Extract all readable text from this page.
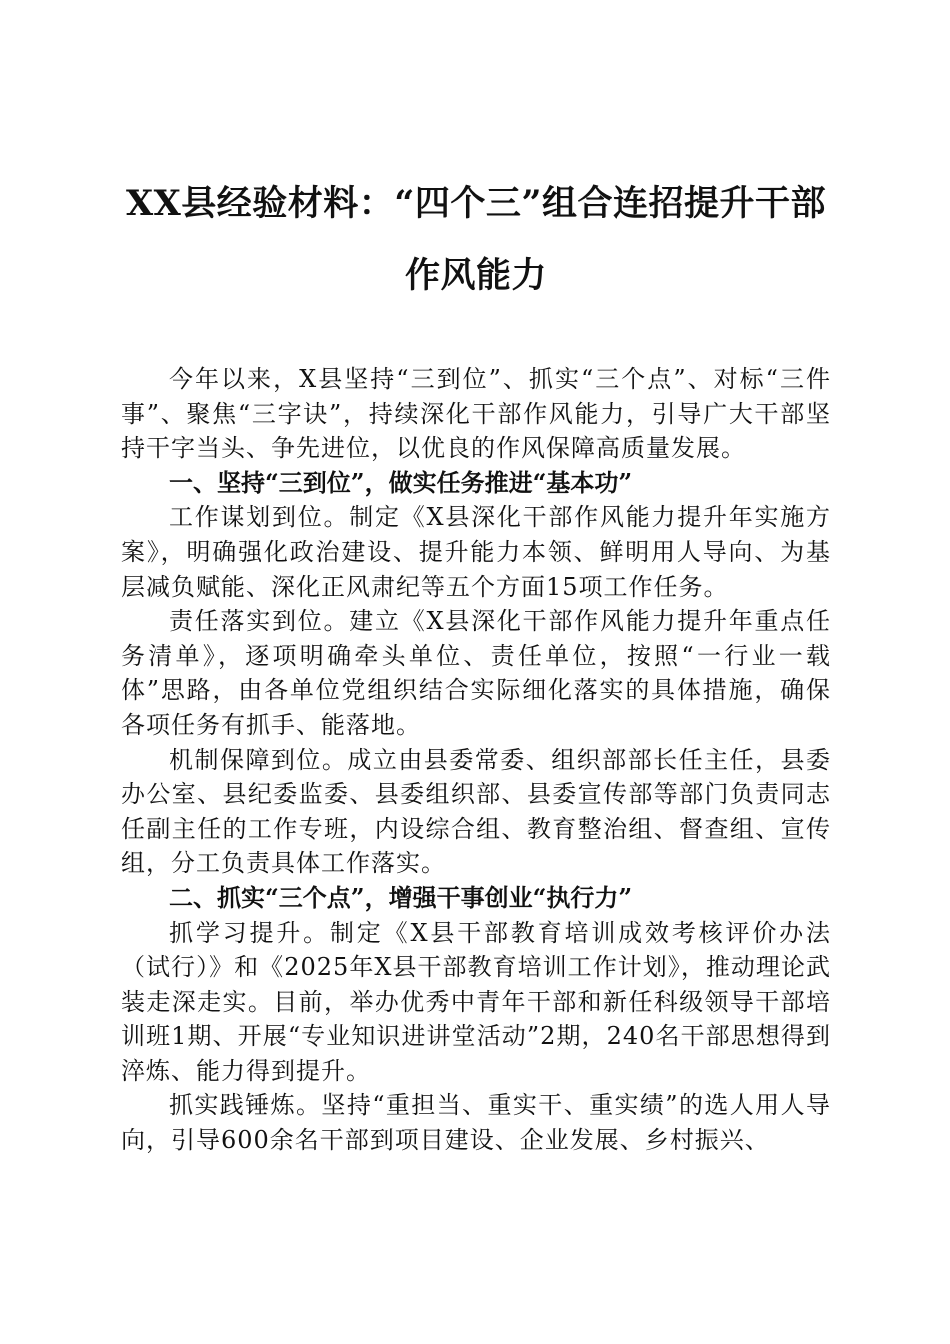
XX县经验材料：“四个三”组合连招提升干部作风能力

今年以来，X县坚持“三到位”、抓实“三个点”、对标“三件事”、聚焦“三字诀”，持续深化干部作风能力，引导广大干部坚持干字当头、争先进位，以优良的作风保障高质量发展。

一、坚持“三到位”，做实任务推进“基本功”

工作谋划到位。制定《X县深化干部作风能力提升年实施方案》，明确强化政治建设、提升能力本领、鲜明用人导向、为基层减负赋能、深化正风肃纪等五个方面15项工作任务。

责任落实到位。建立《X县深化干部作风能力提升年重点任务清单》，逐项明确牵头单位、责任单位，按照“一行业一载体”思路，由各单位党组织结合实际细化落实的具体措施，确保各项任务有抓手、能落地。

机制保障到位。成立由县委常委、组织部部长任主任，县委办公室、县纪委监委、县委组织部、县委宣传部等部门负责同志任副主任的工作专班，内设综合组、教育整治组、督查组、宣传组，分工负责具体工作落实。

二、抓实“三个点”，增强干事创业“执行力”

抓学习提升。制定《X县干部教育培训成效考核评价办法（试行）》和《2025年X县干部教育培训工作计划》，推动理论武装走深走实。目前，举办优秀中青年干部和新任科级领导干部培训班1期、开展“专业知识进讲堂活动”2期，240名干部思想得到淬炼、能力得到提升。

抓实践锤炼。坚持“重担当、重实干、重实绩”的选人用人导向，引导600余名干部到项目建设、企业发展、乡村振兴、
